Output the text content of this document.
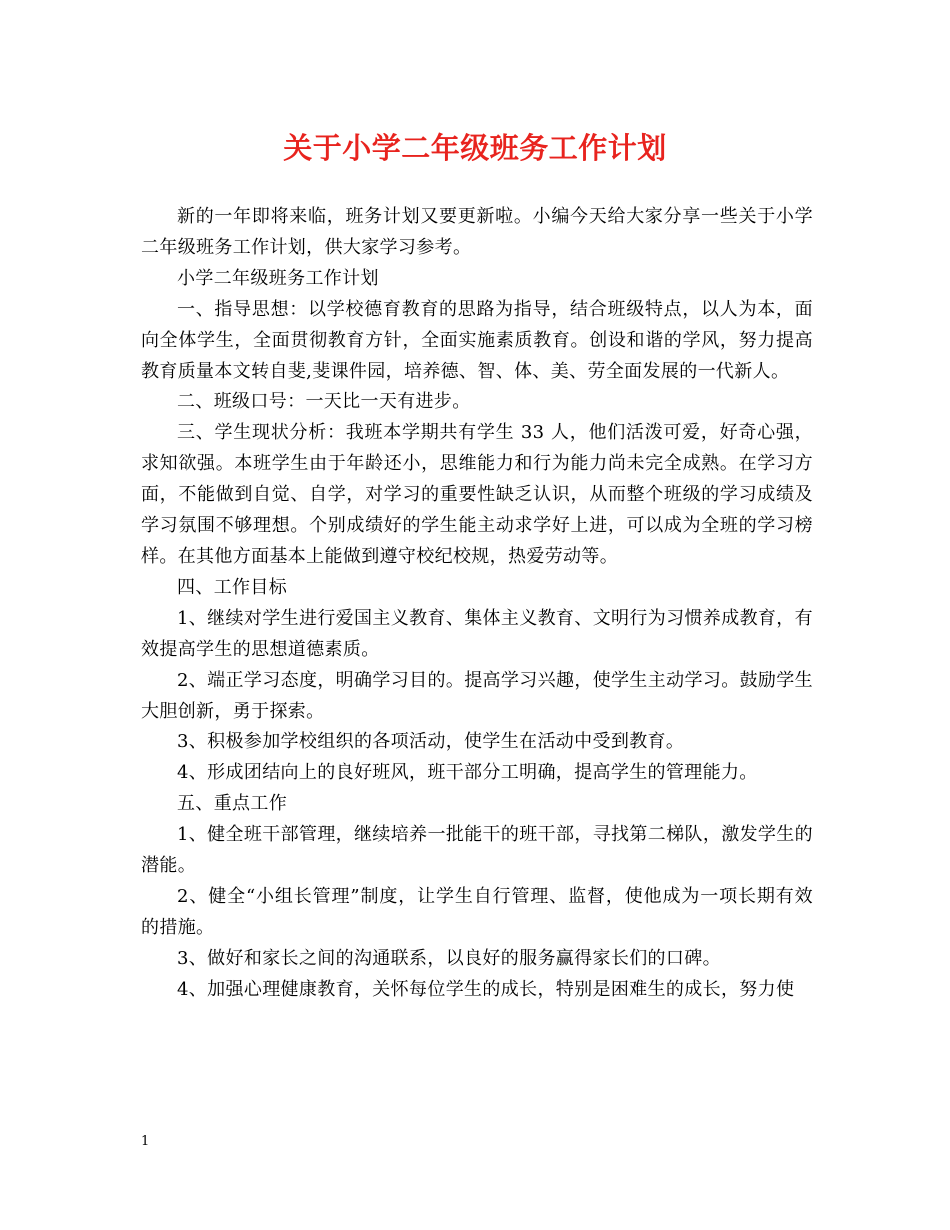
关于小学二年级班务工作计划

新的一年即将来临，班务计划又要更新啦。小编今天给大家分享一些关于小学二年级班务工作计划，供大家学习参考。

小学二年级班务工作计划

一、指导思想：以学校德育教育的思路为指导，结合班级特点，以人为本，面向全体学生，全面贯彻教育方针，全面实施素质教育。创设和谐的学风，努力提高教育质量本文转自斐,斐课件园，培养德、智、体、美、劳全面发展的一代新人。

二、班级口号：一天比一天有进步。

三、学生现状分析：我班本学期共有学生 33 人，他们活泼可爱，好奇心强，求知欲强。本班学生由于年龄还小，思维能力和行为能力尚未完全成熟。在学习方面，不能做到自觉、自学，对学习的重要性缺乏认识，从而整个班级的学习成绩及学习氛围不够理想。个别成绩好的学生能主动求学好上进，可以成为全班的学习榜样。在其他方面基本上能做到遵守校纪校规，热爱劳动等。

四、工作目标

1、继续对学生进行爱国主义教育、集体主义教育、文明行为习惯养成教育，有效提高学生的思想道德素质。

2、端正学习态度，明确学习目的。提高学习兴趣，使学生主动学习。鼓励学生大胆创新，勇于探索。

3、积极参加学校组织的各项活动，使学生在活动中受到教育。

4、形成团结向上的良好班风，班干部分工明确，提高学生的管理能力。

五、重点工作

1、健全班干部管理，继续培养一批能干的班干部，寻找第二梯队，激发学生的潜能。

2、健全“小组长管理”制度，让学生自行管理、监督，使他成为一项长期有效的措施。

3、做好和家长之间的沟通联系，以良好的服务赢得家长们的口碑。

4、加强心理健康教育，关怀每位学生的成长，特别是困难生的成长，努力使

1
